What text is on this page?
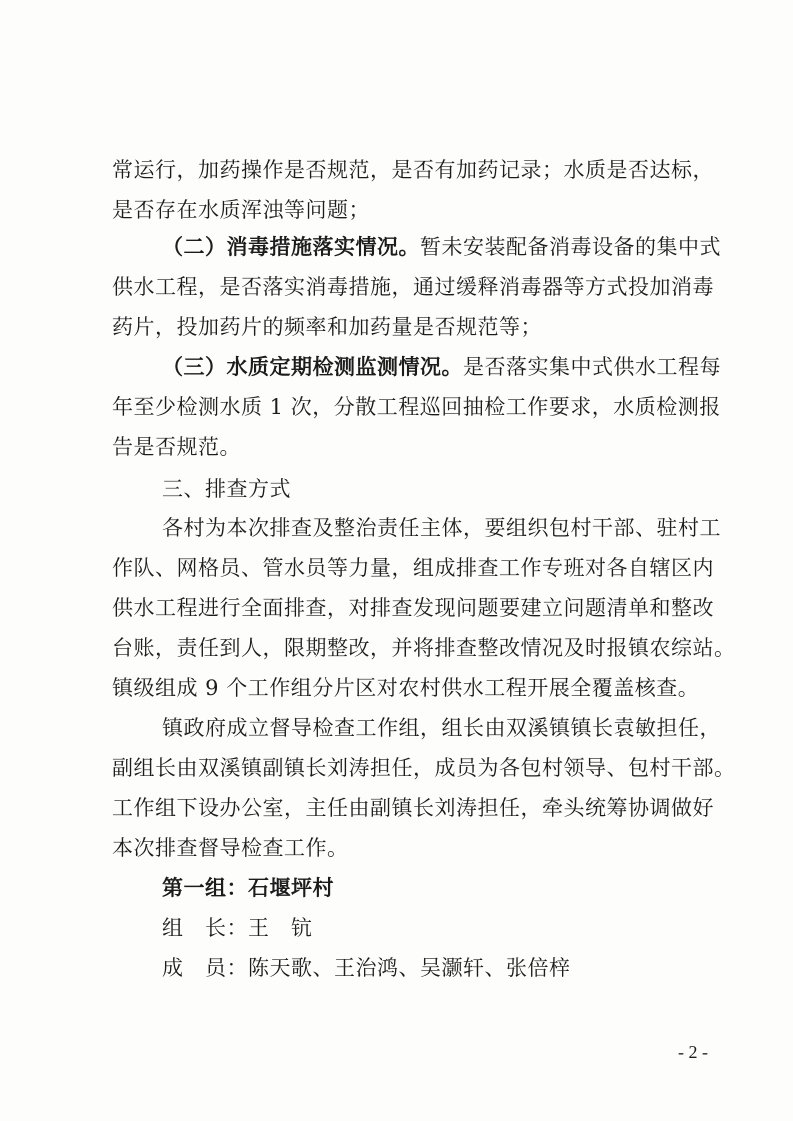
常运行，加药操作是否规范，是否有加药记录；水质是否达标，
是否存在水质浑浊等问题；
（二）消毒措施落实情况。暂未安装配备消毒设备的集中式
供水工程，是否落实消毒措施，通过缓释消毒器等方式投加消毒
药片，投加药片的频率和加药量是否规范等；
（三）水质定期检测监测情况。是否落实集中式供水工程每
年至少检测水质 1 次，分散工程巡回抽检工作要求，水质检测报
告是否规范。
三、排查方式
各村为本次排查及整治责任主体，要组织包村干部、驻村工
作队、网格员、管水员等力量，组成排查工作专班对各自辖区内
供水工程进行全面排查，对排查发现问题要建立问题清单和整改
台账，责任到人，限期整改，并将排查整改情况及时报镇农综站。
镇级组成 9 个工作组分片区对农村供水工程开展全覆盖核查。
镇政府成立督导检查工作组，组长由双溪镇镇长袁敏担任，
副组长由双溪镇副镇长刘涛担任，成员为各包村领导、包村干部。
工作组下设办公室，主任由副镇长刘涛担任，牵头统筹协调做好
本次排查督导检查工作。
第一组：石堰坪村
组　长：王　钪
成　员：陈天歌、王治鸿、吴灏轩、张倍梓
- 2 -
